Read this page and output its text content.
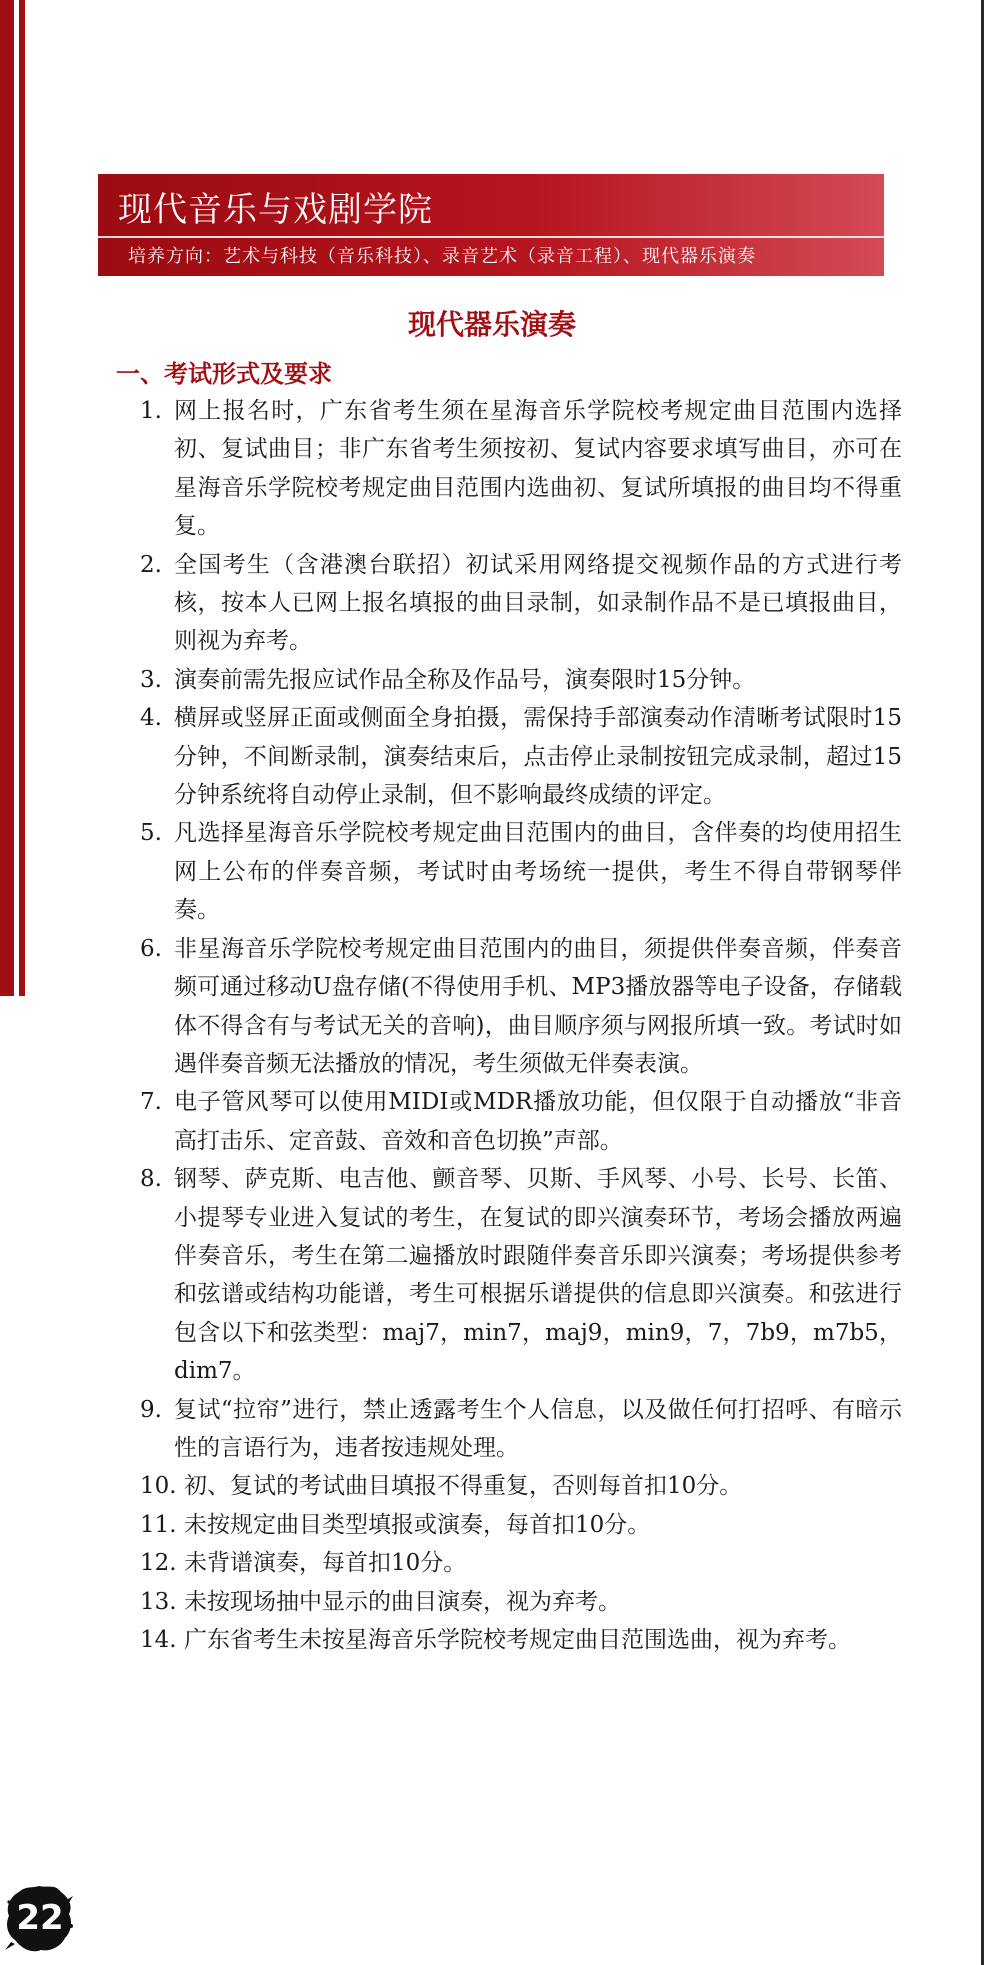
现代音乐与戏剧学院
培养方向：艺术与科技（音乐科技）、录音艺术（录音工程）、现代器乐演奏
现代器乐演奏
一、考试形式及要求
1. 网上报名时，广东省考生须在星海音乐学院校考规定曲目范围内选择初、复试曲目；非广东省考生须按初、复试内容要求填写曲目，亦可在星海音乐学院校考规定曲目范围内选曲初、复试所填报的曲目均不得重复。
2. 全国考生（含港澳台联招）初试采用网络提交视频作品的方式进行考核，按本人已网上报名填报的曲目录制，如录制作品不是已填报曲目，则视为弃考。
3. 演奏前需先报应试作品全称及作品号，演奏限时15分钟。
4. 横屏或竖屏正面或侧面全身拍摄，需保持手部演奏动作清晰考试限时15分钟，不间断录制，演奏结束后，点击停止录制按钮完成录制，超过15分钟系统将自动停止录制，但不影响最终成绩的评定。
5. 凡选择星海音乐学院校考规定曲目范围内的曲目，含伴奏的均使用招生网上公布的伴奏音频，考试时由考场统一提供，考生不得自带钢琴伴奏。
6. 非星海音乐学院校考规定曲目范围内的曲目，须提供伴奏音频，伴奏音频可通过移动U盘存储(不得使用手机、MP3播放器等电子设备，存储载体不得含有与考试无关的音响)，曲目顺序须与网报所填一致。考试时如遇伴奏音频无法播放的情况，考生须做无伴奏表演。
7. 电子管风琴可以使用MIDI或MDR播放功能，但仅限于自动播放“非音高打击乐、定音鼓、音效和音色切换”声部。
8. 钢琴、萨克斯、电吉他、颤音琴、贝斯、手风琴、小号、长号、长笛、小提琴专业进入复试的考生，在复试的即兴演奏环节，考场会播放两遍伴奏音乐，考生在第二遍播放时跟随伴奏音乐即兴演奏；考场提供参考和弦谱或结构功能谱，考生可根据乐谱提供的信息即兴演奏。和弦进行包含以下和弦类型：maj7，min7，maj9，min9，7，7b9，m7b5，dim7。
9. 复试“拉帘”进行，禁止透露考生个人信息，以及做任何打招呼、有暗示性的言语行为，违者按违规处理。
10. 初、复试的考试曲目填报不得重复，否则每首扣10分。
11. 未按规定曲目类型填报或演奏，每首扣10分。
12. 未背谱演奏，每首扣10分。
13. 未按现场抽中显示的曲目演奏，视为弃考。
14. 广东省考生未按星海音乐学院校考规定曲目范围选曲，视为弃考。
22
